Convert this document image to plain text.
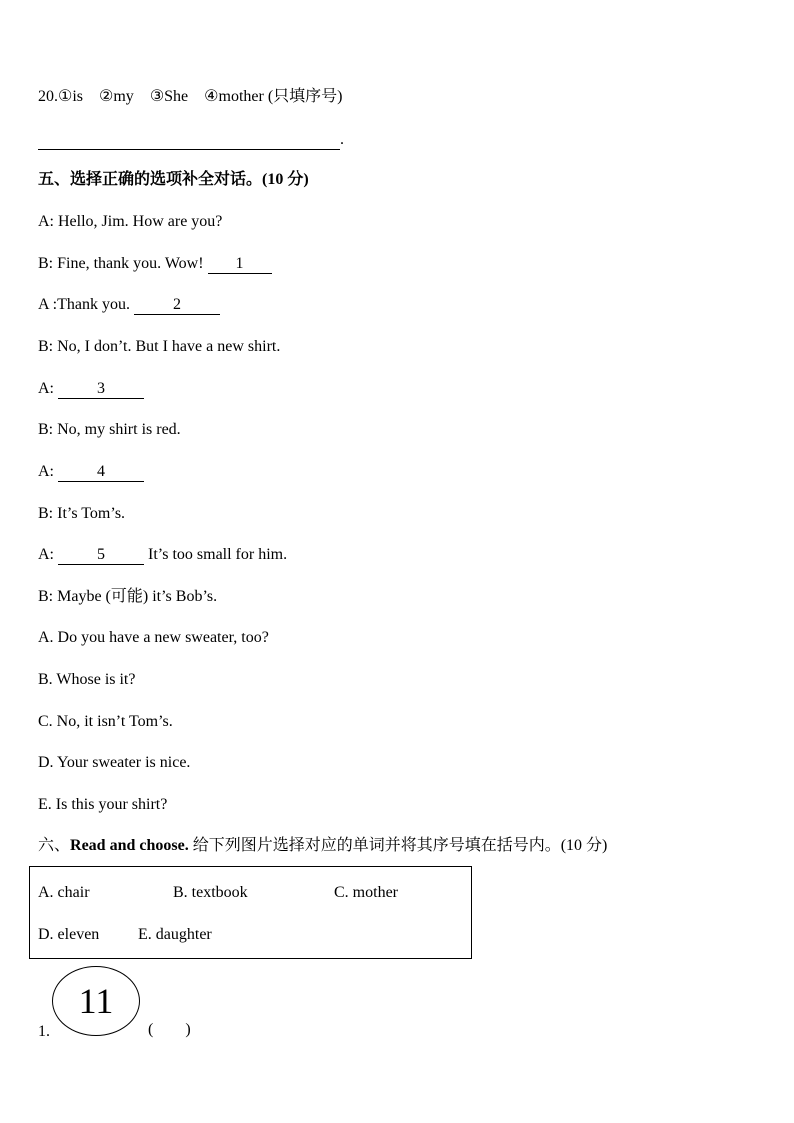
20.①is ②my ③She ④mother (只填序号)
.
五、选择正确的选项补全对话。(10 分)
A: Hello, Jim. How are you?
B: Fine, thank you. Wow! 1
A :Thank you. 2
B: No, I don’t. But I have a new shirt.
A: 3
B: No, my shirt is red.
A: 4
B: It’s Tom’s.
A: 5 It’s too small for him.
B: Maybe (可能) it’s Bob’s.
A. Do you have a new sweater, too?
B. Whose is it?
C. No, it isn’t Tom’s.
D. Your sweater is nice.
E. Is this your shirt?
六、Read and choose. 给下列图片选择对应的单词并将其序号填在括号内。(10 分)
A. chair	B. textbook	C. mother
D. eleven E. daughter
1.
11
(        )
